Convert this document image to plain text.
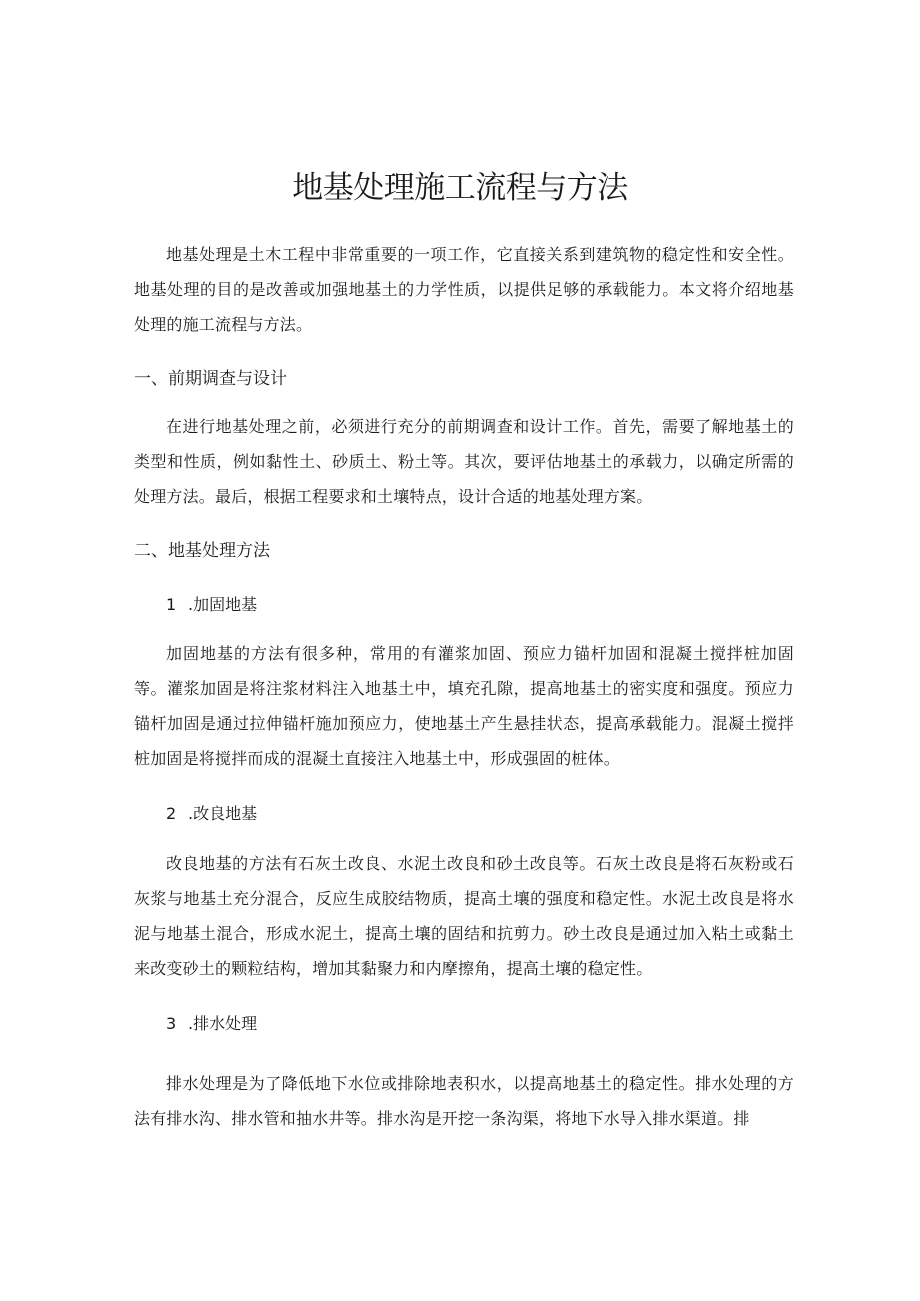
地基处理施工流程与方法

地基处理是土木工程中非常重要的一项工作，它直接关系到建筑物的稳定性和安全性。地基处理的目的是改善或加强地基土的力学性质，以提供足够的承载能力。本文将介绍地基处理的施工流程与方法。

一、前期调查与设计

在进行地基处理之前，必须进行充分的前期调查和设计工作。首先，需要了解地基土的类型和性质，例如黏性土、砂质土、粉土等。其次，要评估地基土的承载力，以确定所需的处理方法。最后，根据工程要求和土壤特点，设计合适的地基处理方案。

二、地基处理方法
1 .加固地基

加固地基的方法有很多种，常用的有灌浆加固、预应力锚杆加固和混凝土搅拌桩加固等。灌浆加固是将注浆材料注入地基土中，填充孔隙，提高地基土的密实度和强度。预应力锚杆加固是通过拉伸锚杆施加预应力，使地基土产生悬挂状态，提高承载能力。混凝土搅拌桩加固是将搅拌而成的混凝土直接注入地基土中，形成强固的桩体。

2 .改良地基

改良地基的方法有石灰土改良、水泥土改良和砂土改良等。石灰土改良是将石灰粉或石灰浆与地基土充分混合，反应生成胶结物质，提高土壤的强度和稳定性。水泥土改良是将水泥与地基土混合，形成水泥土，提高土壤的固结和抗剪力。砂土改良是通过加入粘土或黏土来改变砂土的颗粒结构，增加其黏聚力和内摩擦角，提高土壤的稳定性。

3 .排水处理

排水处理是为了降低地下水位或排除地表积水，以提高地基土的稳定性。排水处理的方法有排水沟、排水管和抽水井等。排水沟是开挖一条沟渠，将地下水导入排水渠道。排
